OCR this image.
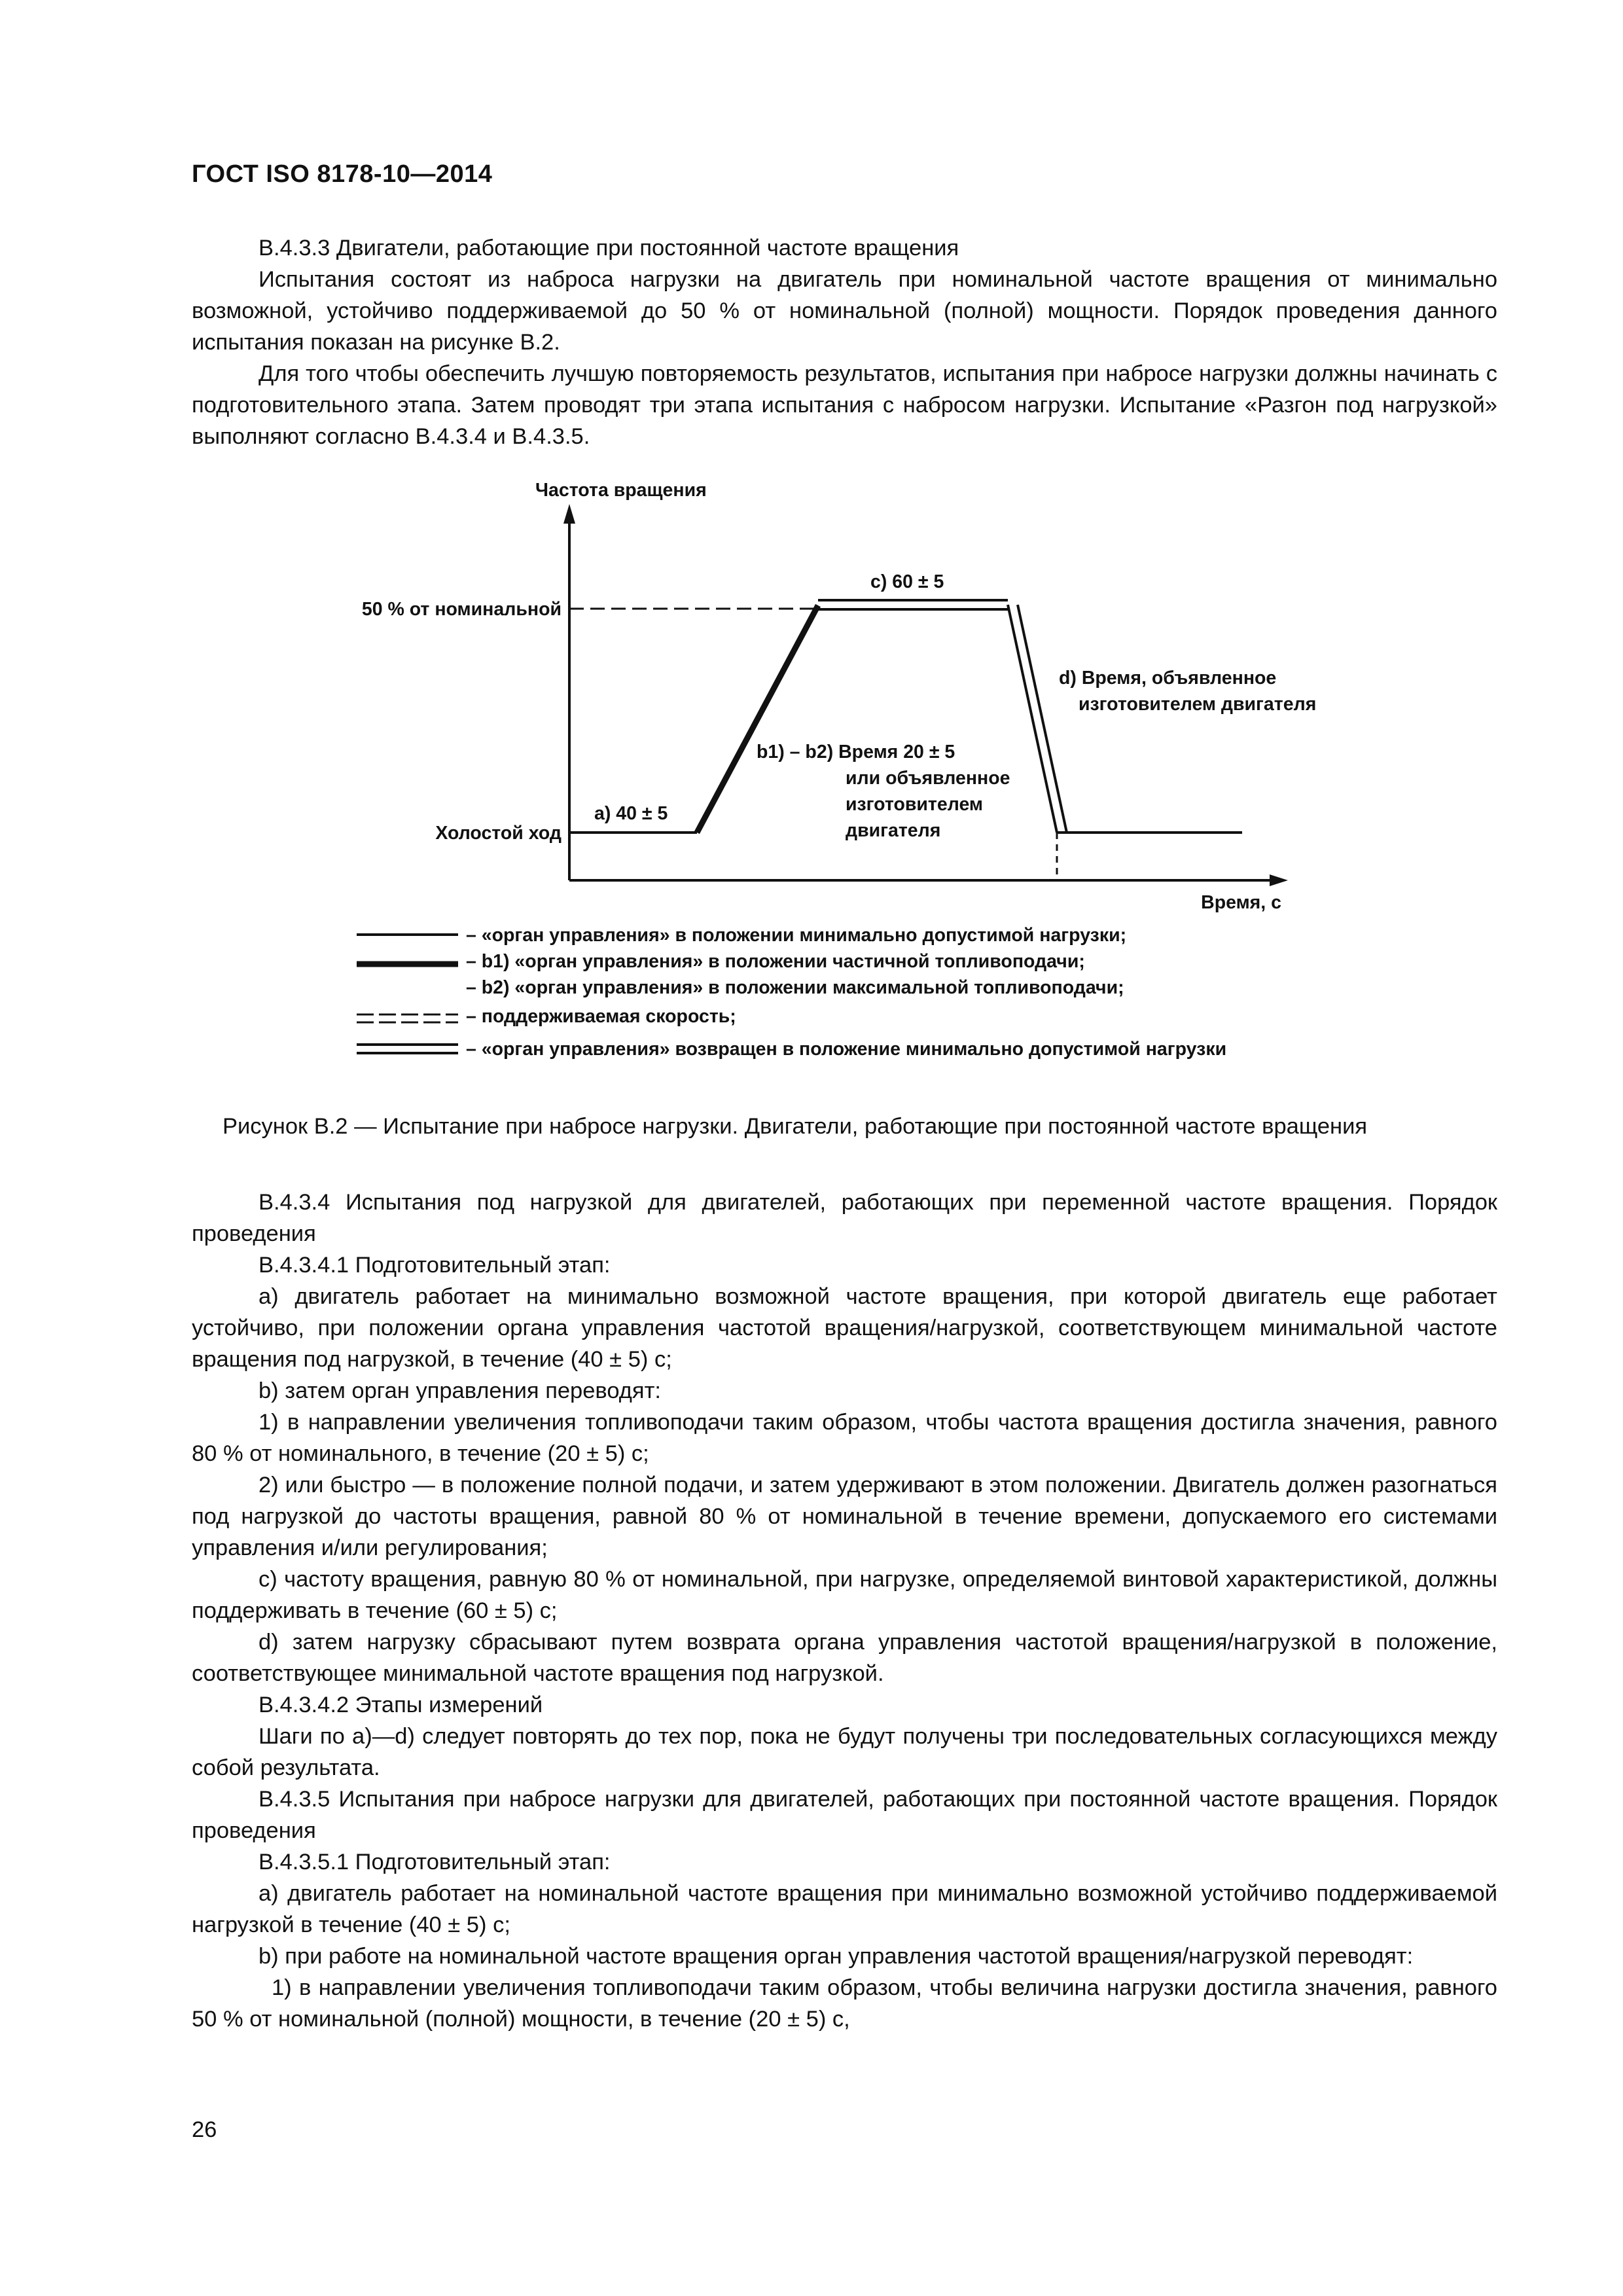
ГОСТ ISO 8178-10—2014

B.4.3.3 Двигатели, работающие при постоянной частоте вращения

Испытания состоят из наброса нагрузки на двигатель при номинальной частоте вращения от минимально возможной, устойчиво поддерживаемой до 50 % от номинальной (полной) мощности. Порядок проведения данного испытания показан на рисунке B.2.

Для того чтобы обеспечить лучшую повторяемость результатов, испытания при набросе нагрузки должны начинать с подготовительного этапа. Затем проводят три этапа испытания с набросом нагрузки. Испытание «Разгон под нагрузкой» выполняют согласно B.4.3.4 и B.4.3.5.

Частота вращения
50 % от номинальной
Холостой ход
a) 40 ± 5
b1) – b2) Время 20 ± 5
или объявленное
изготовителем
двигателя
c) 60 ± 5
d) Время, объявленное
изготовителем двигателя
Время, с
– «орган управления» в положении минимально допустимой нагрузки;
– b1) «орган управления» в положении частичной топливоподачи;
– b2) «орган управления» в положении максимальной топливоподачи;
– поддерживаемая скорость;
– «орган управления» возвращен в положение минимально допустимой нагрузки
Рисунок B.2 — Испытание при набросе нагрузки. Двигатели, работающие при постоянной частоте вращения

B.4.3.4 Испытания под нагрузкой для двигателей, работающих при переменной частоте вращения. Порядок проведения

B.4.3.4.1 Подготовительный этап:

a) двигатель работает на минимально возможной частоте вращения, при которой двигатель еще работает устойчиво, при положении органа управления частотой вращения/нагрузкой, соответствующем минимальной частоте вращения под нагрузкой, в течение (40 ± 5) с;

b) затем орган управления переводят:

1) в направлении увеличения топливоподачи таким образом, чтобы частота вращения достигла значения, равного 80 % от номинального, в течение (20 ± 5) с;

2) или быстро — в положение полной подачи, и затем удерживают в этом положении. Двигатель должен разогнаться под нагрузкой до частоты вращения, равной 80 % от номинальной в течение времени, допускаемого его системами управления и/или регулирования;

c) частоту вращения, равную 80 % от номинальной, при нагрузке, определяемой винтовой характеристикой, должны поддерживать в течение (60 ± 5) с;

d) затем нагрузку сбрасывают путем возврата органа управления частотой вращения/нагрузкой в положение, соответствующее минимальной частоте вращения под нагрузкой.

B.4.3.4.2 Этапы измерений

Шаги по a)—d) следует повторять до тех пор, пока не будут получены три последовательных согласующихся между собой результата.

B.4.3.5 Испытания при набросе нагрузки для двигателей, работающих при постоянной частоте вращения. Порядок проведения

B.4.3.5.1 Подготовительный этап:

a) двигатель работает на номинальной частоте вращения при минимально возможной устойчиво поддерживаемой нагрузкой в течение (40 ± 5) с;

b) при работе на номинальной частоте вращения орган управления частотой вращения/нагрузкой переводят:

1) в направлении увеличения топливоподачи таким образом, чтобы величина нагрузки достигла значения, равного 50 % от номинальной (полной) мощности, в течение (20 ± 5) с,

26
